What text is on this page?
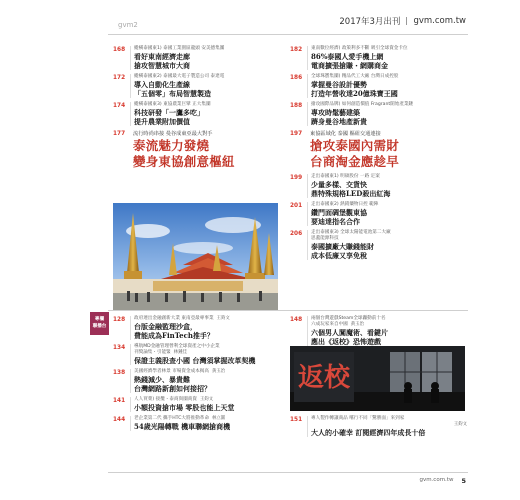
gvm2	2017年3月出刊 gvm.com.tw
168 縱橫泰國東1) 泰國工業園區龍頭 安美德集團
看好東南經濟走廊
搶攻智慧城市大商
172 縱橫泰國東2) 泰國最大電子製造公司 泰達電
導入自動化生產線
「五個零」布局智慧製造
174 縱橫泰國東3) 東協農業巨擘 正大集團
科技研發「一鷹多吃」
提升農業附加價值
177 流行時尚串接 曼谷成東亞最大對手
泰流魅力發燒
變身東協創意樞紐
182 東南數位經濟) 政策利多不斷 吸引全球資金卡位
86%泰國人愛手機上網
電商擴張搶賺・網購商金
186 全球珠寶集團) 精品代工大廠 台灣日成控股
掌握曼谷設計優勢
打造年營收達20億珠寶王國
188 搶攻國際品牌) 如何創造價值 Fragrant開始產業鏈
專攻時髦藝建築
躋身曼谷地產新貴
197 東協區域化 泰國 樞紐交通連接
搶攻泰國內需財
台商淘金應趁早
199 走出泰國東1) 明碩股份 一路 定案
少量多樣、交貨快
鼎特殊規格LED殺出紅海
201 走出泰國東2) 熱銷藥物日控 範陣
鑽門面碉堡觀東協
要迪達指名合作
206 走出泰國東3) 全球太陽能電池第二大廠
思蓋能源科技
泰國擴廠大賺錢能財
成本低廉又享免稅
專欄
聯播台
128 政府連出金融創新大業 東南亞最專事業 王鈞文
台版金融監理沙盒，
費能成為FinTech推手？
134 導航MD金融管理營利全球資產之中小企業
刊獎論集・引能緊 林鍾佳
保證主義股查小國 台灣須掌握改革契機
138 美國經濟學者林景 市場資金成本揭高 黃玉治
熱錢減少、暴貴難
台灣網路新創如何接招？
141 人人買菜) 接攬・泰商與團商資 王鈞文
小額投資搶市場 零股也能上天堂
144 老企業第二代 攜手HTC大將推動革命 林立圓
54歲光陽轉戰 機車聯網搶商機
148 兩個台灣遊戲Steam全球轟動前十名
六成玩家來自中國 黃玉治
六個男人闖魔術、看鍵片
應出《返校》恐怖遊戲
返校
151 專人製作轉讓商品 嚐行不同「驚勝面」來到家
王鈞文
大人的小確幸 訂閱經濟四年成長十倍
gvm.com.tw 5
